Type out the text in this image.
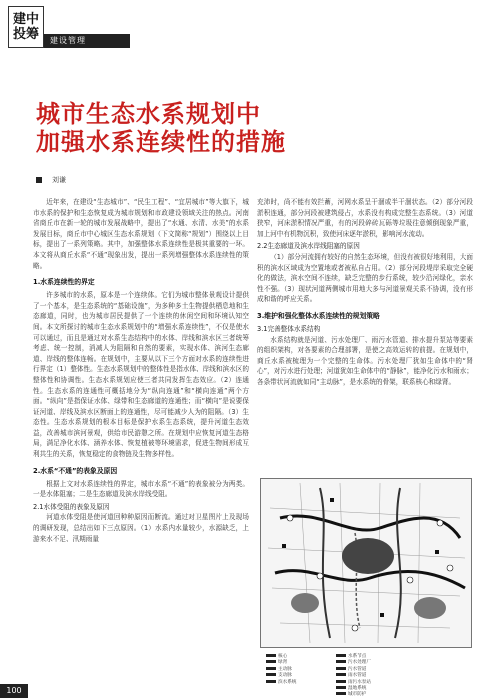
建中
投筹	建设管理
城市生态水系规划中
加强水系连续性的措施
刘谦

近年来，在建设“生态城市”、“民生工程”、“宜居城市”等大旗下，城市水系的保护和生态恢复成为城市规划和市政建设领域关注的热点。河南省商丘市在新一轮的城市发展战略中，提出了“水通、水清、水美”的水系发展目标，商丘市中心城区生态水系规划（下文简称“规划”）围绕以上目标，提出了一系列策略。其中，加强整体水系连续性是极其重要的一环。本文将从商丘水系“不通”现象出发，提出一系列增强整体水系连续性的策略。

1.水系连续性的界定

许多城市的水系，原本是一个连续体。它们为城市整体景观设计提供了一个基本，是生态系统的“基础设施”，为多种多土生物提供栖息地和生态廊道，同时，也为城市居民提供了一个连续的休闲空间和环境认知空间。本文所探讨的城市生态水系规划中的“增强水系连续性”，不仅是使水可以通过，而且是通过对水系生态结构中的水体、岸线和滨水区三者统筹考虑、统一控制，消减人为阻隔和自然的要素，实现水体、滨河生态廊道、岸线的整体连畅。在规划中，主要从以下三个方面对水系的连续性进行界定（1）整体性。生态水系规划中的整体性是指水体、岸线和滨水区的整体性和协调性。生态水系规划应使三者共同发挥生态效应。（2）连通性。生态水系的连通性可概括地分为“纵向连通”和“横向连通”两个方面。“纵向”是指保证水体、绿带和生态廊道的连通性；而“横向”是说要保证河道、岸线及滨水区断面上的连通性，尽可能减少人为的阻隔。（3）生态性。生态水系规划的根本目标是保护水系生态系统，提升河道生态效益，改善城市滨河景观，供给市民游憩之所。在规划中应恢复河道生态格局，满足净化水体、涵养水体、恢复植被等环境需求，促进生物间形成互利共生的关系，恢复稳定的食物链及生物多样性。

2.水系“不通”的表象及原因

根据上文对水系连续性的界定，城市水系“不通”的表象被分为两类。一是水体阻塞；二是生态廊道及滨水岸线受阻。

2.1水体受阻的表象及原因

河道水体受阻是使河道回种种原因而断流。通过对卫星图片上及现场的调研发现，总结出如下三点原因。（1）水系内水量较少，水源缺乏，上游来水不足、汛期雨量

充沛时，尚不能有效拦蓄，河网水系呈干涸或半干涸状态。（2）部分河段淤积连通，部分河段被建筑侵占，水系没有构成完整生态系统。（3）河道狭窄，河床淤积情况严重，有的河段碎砖瓦砾等垃圾往意倾倒现象严重，加上河中有机物沉积，致使河床逐年淤积，影响河水流动。

2.2生态廊道及滨水岸线阻塞的原因

（1）部分河流拥有较好的自然生态环境，但没有被很好地利用，大面积的滨水区域成为空置地或者被私自占用。（2）部分河段堤岸采取完全硬化的做法，滨水空间不连续，缺乏完整的步行系统，较少沿河绿化，亲水性不强。（3）现状河道两侧城市用地大多与河道景观关系不协调，没有形成和谐的呼应关系。

3.维护和强化整体水系连续性的规划策略
3.1完善整体水系结构

水系结构就是河道、污水处理厂、雨污水管道、排水提升泵站等要素的组织架构，对各要素的合理部署，是使之高效运转的前提。在规划中，商丘水系被梳理为一个完整的生命体。污水处理厂犹如生命体中的“肾心”，对污水进行处理；河道犹如生命体中的“静脉”，能净化污水和雨水；各条带状河流就如同“主动脉”，是水系统的骨架，联系核心和绿肾。

核心
绿肾
主动脉
支动脉
滨水系统
水系节点
污水处理厂
污水管道
雨水管道
雨污水泵站
湿地系统
城市防护
100
